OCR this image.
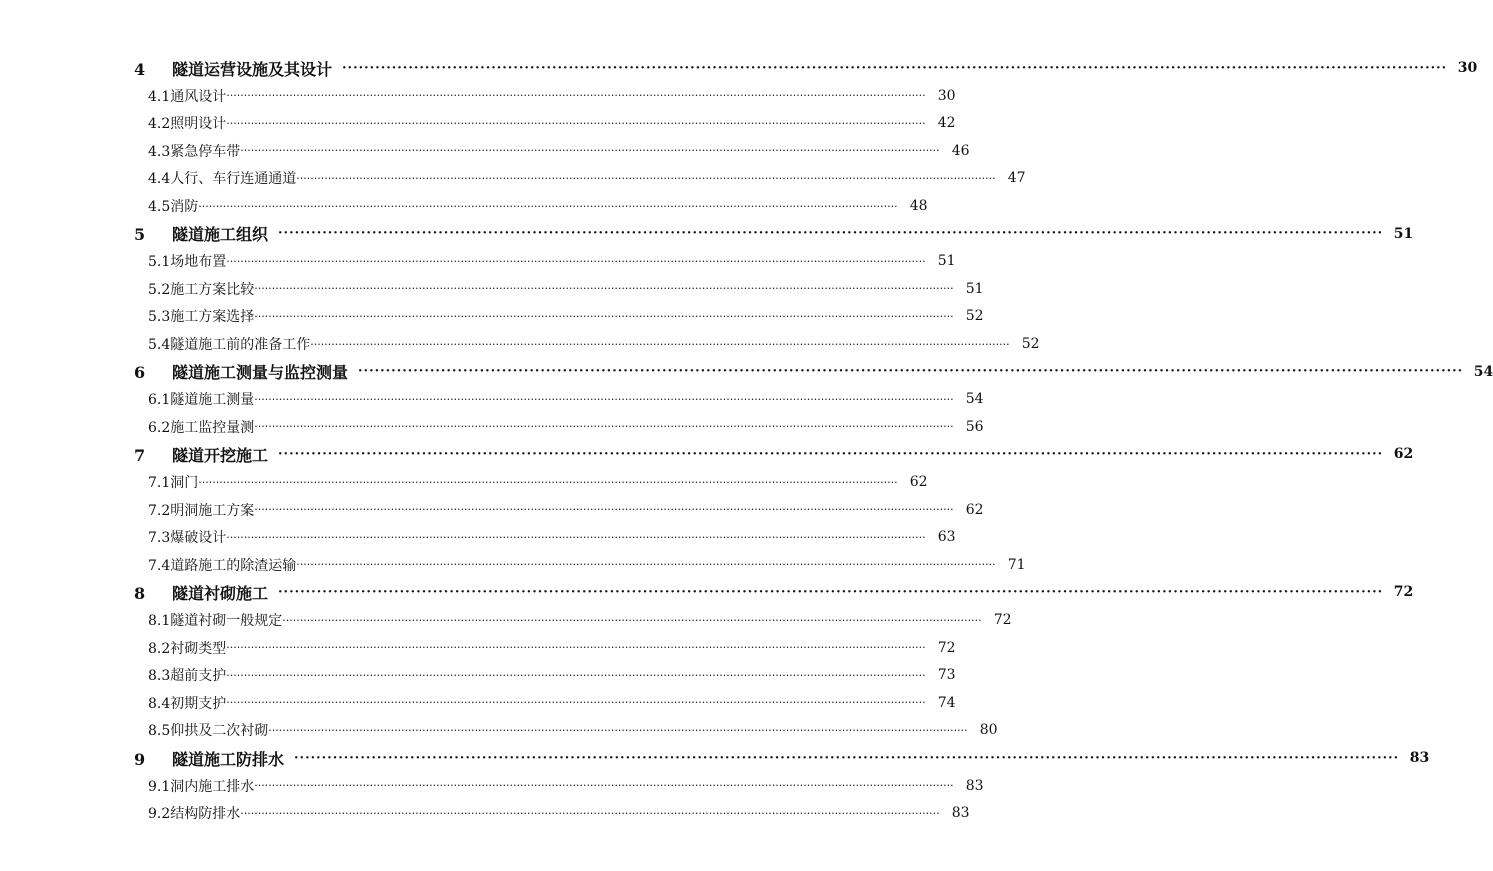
4  隧道运营设施及其设计 ········································································································································································································ 30
4.1通风设计 ········································································································································································································ 30
4.2照明设计 ········································································································································································································ 42
4.3紧急停车带 ········································································································································································································ 46
4.4人行、车行连通通道 ········································································································································································································ 47
4.5消防 ········································································································································································································ 48
5  隧道施工组织 ········································································································································································································ 51
5.1场地布置 ········································································································································································································ 51
5.2施工方案比较 ········································································································································································································ 51
5.3施工方案选择 ········································································································································································································ 52
5.4隧道施工前的准备工作 ········································································································································································································ 52
6  隧道施工测量与监控测量 ········································································································································································································ 54
6.1隧道施工测量 ········································································································································································································ 54
6.2施工监控量测 ········································································································································································································ 56
7  隧道开挖施工 ········································································································································································································ 62
7.1洞门 ········································································································································································································ 62
7.2明洞施工方案 ········································································································································································································ 62
7.3爆破设计 ········································································································································································································ 63
7.4道路施工的除渣运输 ········································································································································································································ 71
8  隧道衬砌施工 ········································································································································································································ 72
8.1隧道衬砌一般规定 ········································································································································································································ 72
8.2衬砌类型 ········································································································································································································ 72
8.3超前支护 ········································································································································································································ 73
8.4初期支护 ········································································································································································································ 74
8.5仰拱及二次衬砌 ········································································································································································································ 80
9  隧道施工防排水 ········································································································································································································ 83
9.1洞内施工排水 ········································································································································································································ 83
9.2结构防排水 ········································································································································································································ 83
